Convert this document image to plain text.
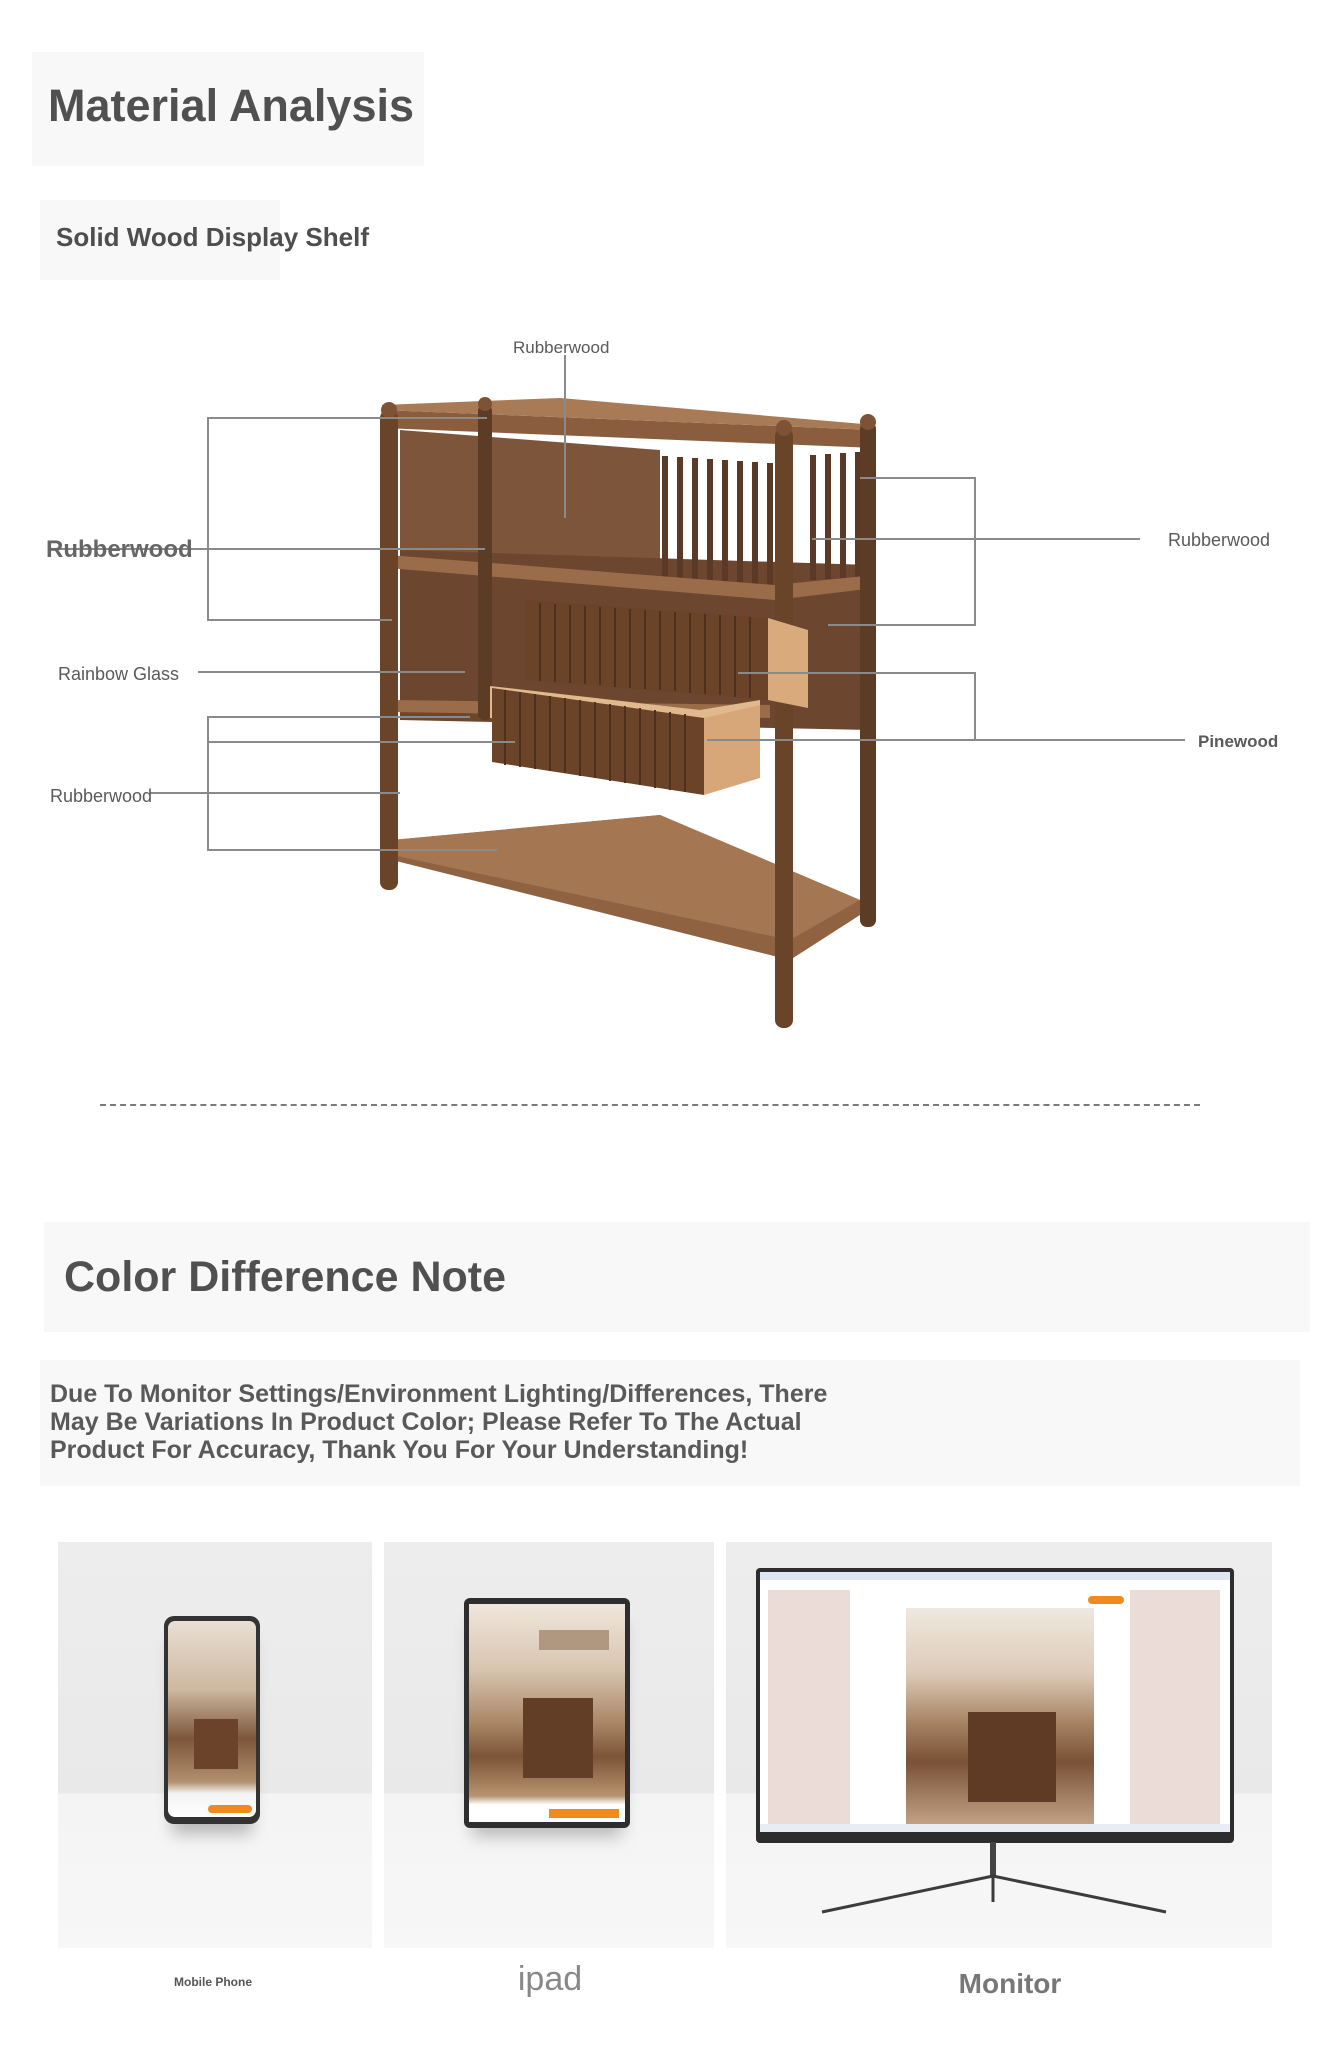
Material Analysis
Solid Wood Display Shelf
Rubberwood
Rubberwood
Rainbow Glass
Rubberwood
Rubberwood
Pinewood
Color Difference Note
Due To Monitor Settings/Environment Lighting/Differences, There
May Be Variations In Product Color; Please Refer To The Actual
Product For Accuracy, Thank You For Your Understanding!
Mobile Phone	ipad	Monitor
